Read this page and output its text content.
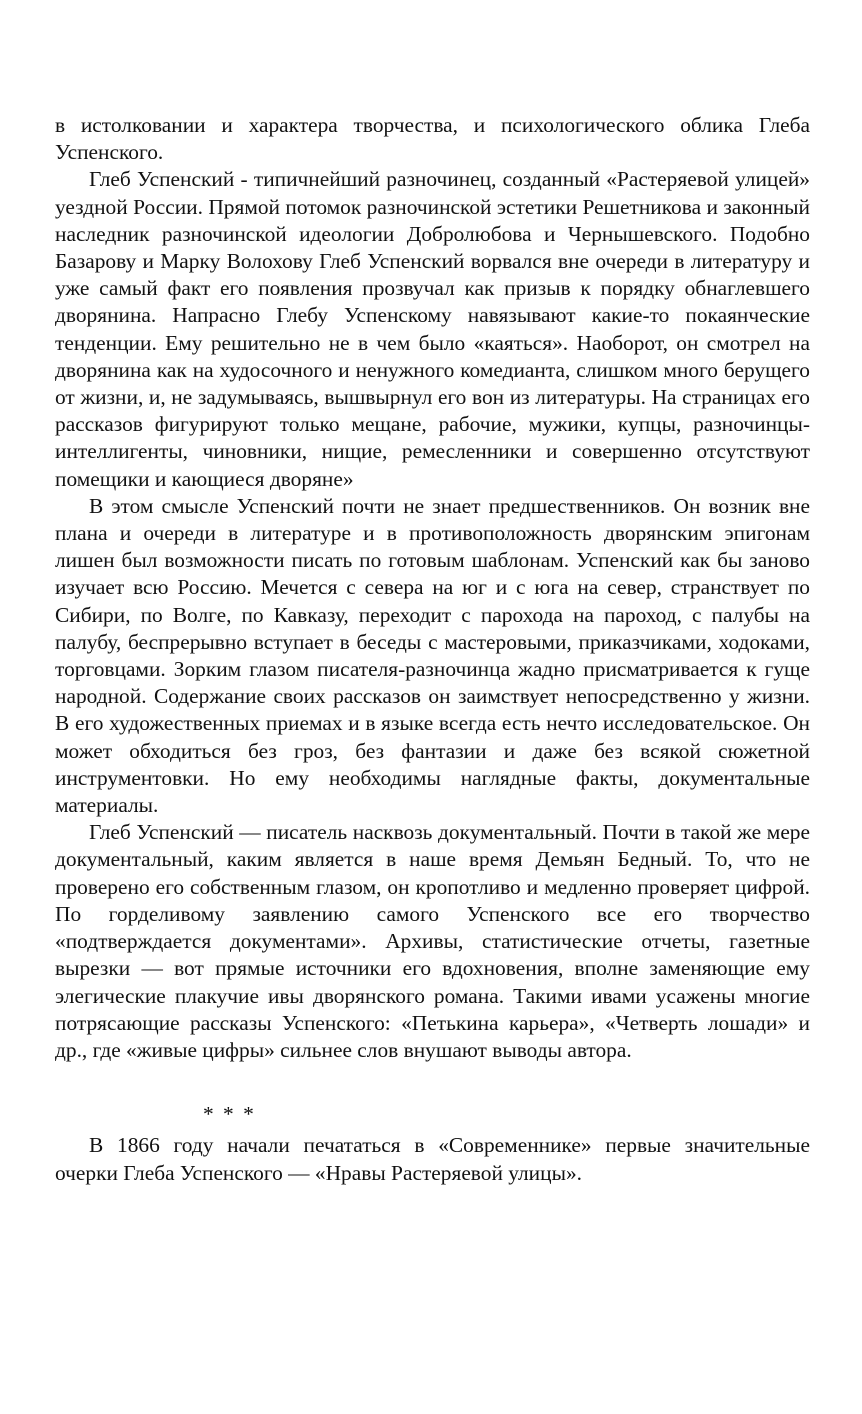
в истолковании и характера творчества, и психологического облика Глеба Успенского.

Глеб Успенский - типичнейший разночинец, созданный «Растеряевой улицей» уездной России. Прямой потомок разночинской эстетики Решетникова и законный наследник разночинской идеологии Добролюбова и Чернышевского. Подобно Базарову и Марку Волохову Глеб Успенский ворвался вне очереди в литературу и уже самый факт его появления прозвучал как призыв к порядку обнаглевшего дворянина. Напрасно Глебу Успенскому навязывают какие-то покаянческие тенденции. Ему решительно не в чем было «каяться». Наоборот, он смотрел на дворянина как на худосочного и ненужного комедианта, слишком много берущего от жизни, и, не задумываясь, вышвырнул его вон из литературы. На страницах его рассказов фигурируют только мещане, рабочие, мужики, купцы, разночинцы-интеллигенты, чиновники, нищие, ремесленники и совершенно отсутствуют помещики и кающиеся дворяне»

В этом смысле Успенский почти не знает предшественников. Он возник вне плана и очереди в литературе и в противоположность дворянским эпигонам лишен был возможности писать по готовым шаблонам. Успенский как бы заново изучает всю Россию. Мечется с севера на юг и с юга на север, странствует по Сибири, по Волге, по Кавказу, переходит с парохода на пароход, с палубы на палубу, беспрерывно вступает в беседы с мастеровыми, приказчиками, ходоками, торговцами. Зорким глазом писателя-разночинца жадно присматривается к гуще народной. Содержание своих рассказов он заимствует непосредственно у жизни. В его художественных приемах и в языке всегда есть нечто исследовательское. Он может обходиться без гроз, без фантазии и даже без всякой сюжетной инструментовки. Но ему необходимы наглядные факты, документальные материалы.

Глеб Успенский — писатель насквозь документальный. Почти в такой же мере документальный, каким является в наше время Демьян Бедный. То, что не проверено его собственным глазом, он кропотливо и медленно проверяет цифрой. По горделивому заявлению самого Успенского все его творчество «подтверждается документами». Архивы, статистические отчеты, газетные вырезки — вот прямые источники его вдохновения, вполне заменяющие ему элегические плакучие ивы дворянского романа. Такими ивами усажены многие потрясающие рассказы Успенского: «Петькина карьера», «Четверть лошади» и др., где «живые цифры» сильнее слов внушают выводы автора.

* * *

В 1866 году начали печататься в «Современнике» первые значительные очерки Глеба Успенского — «Нравы Растеряевой улицы».
